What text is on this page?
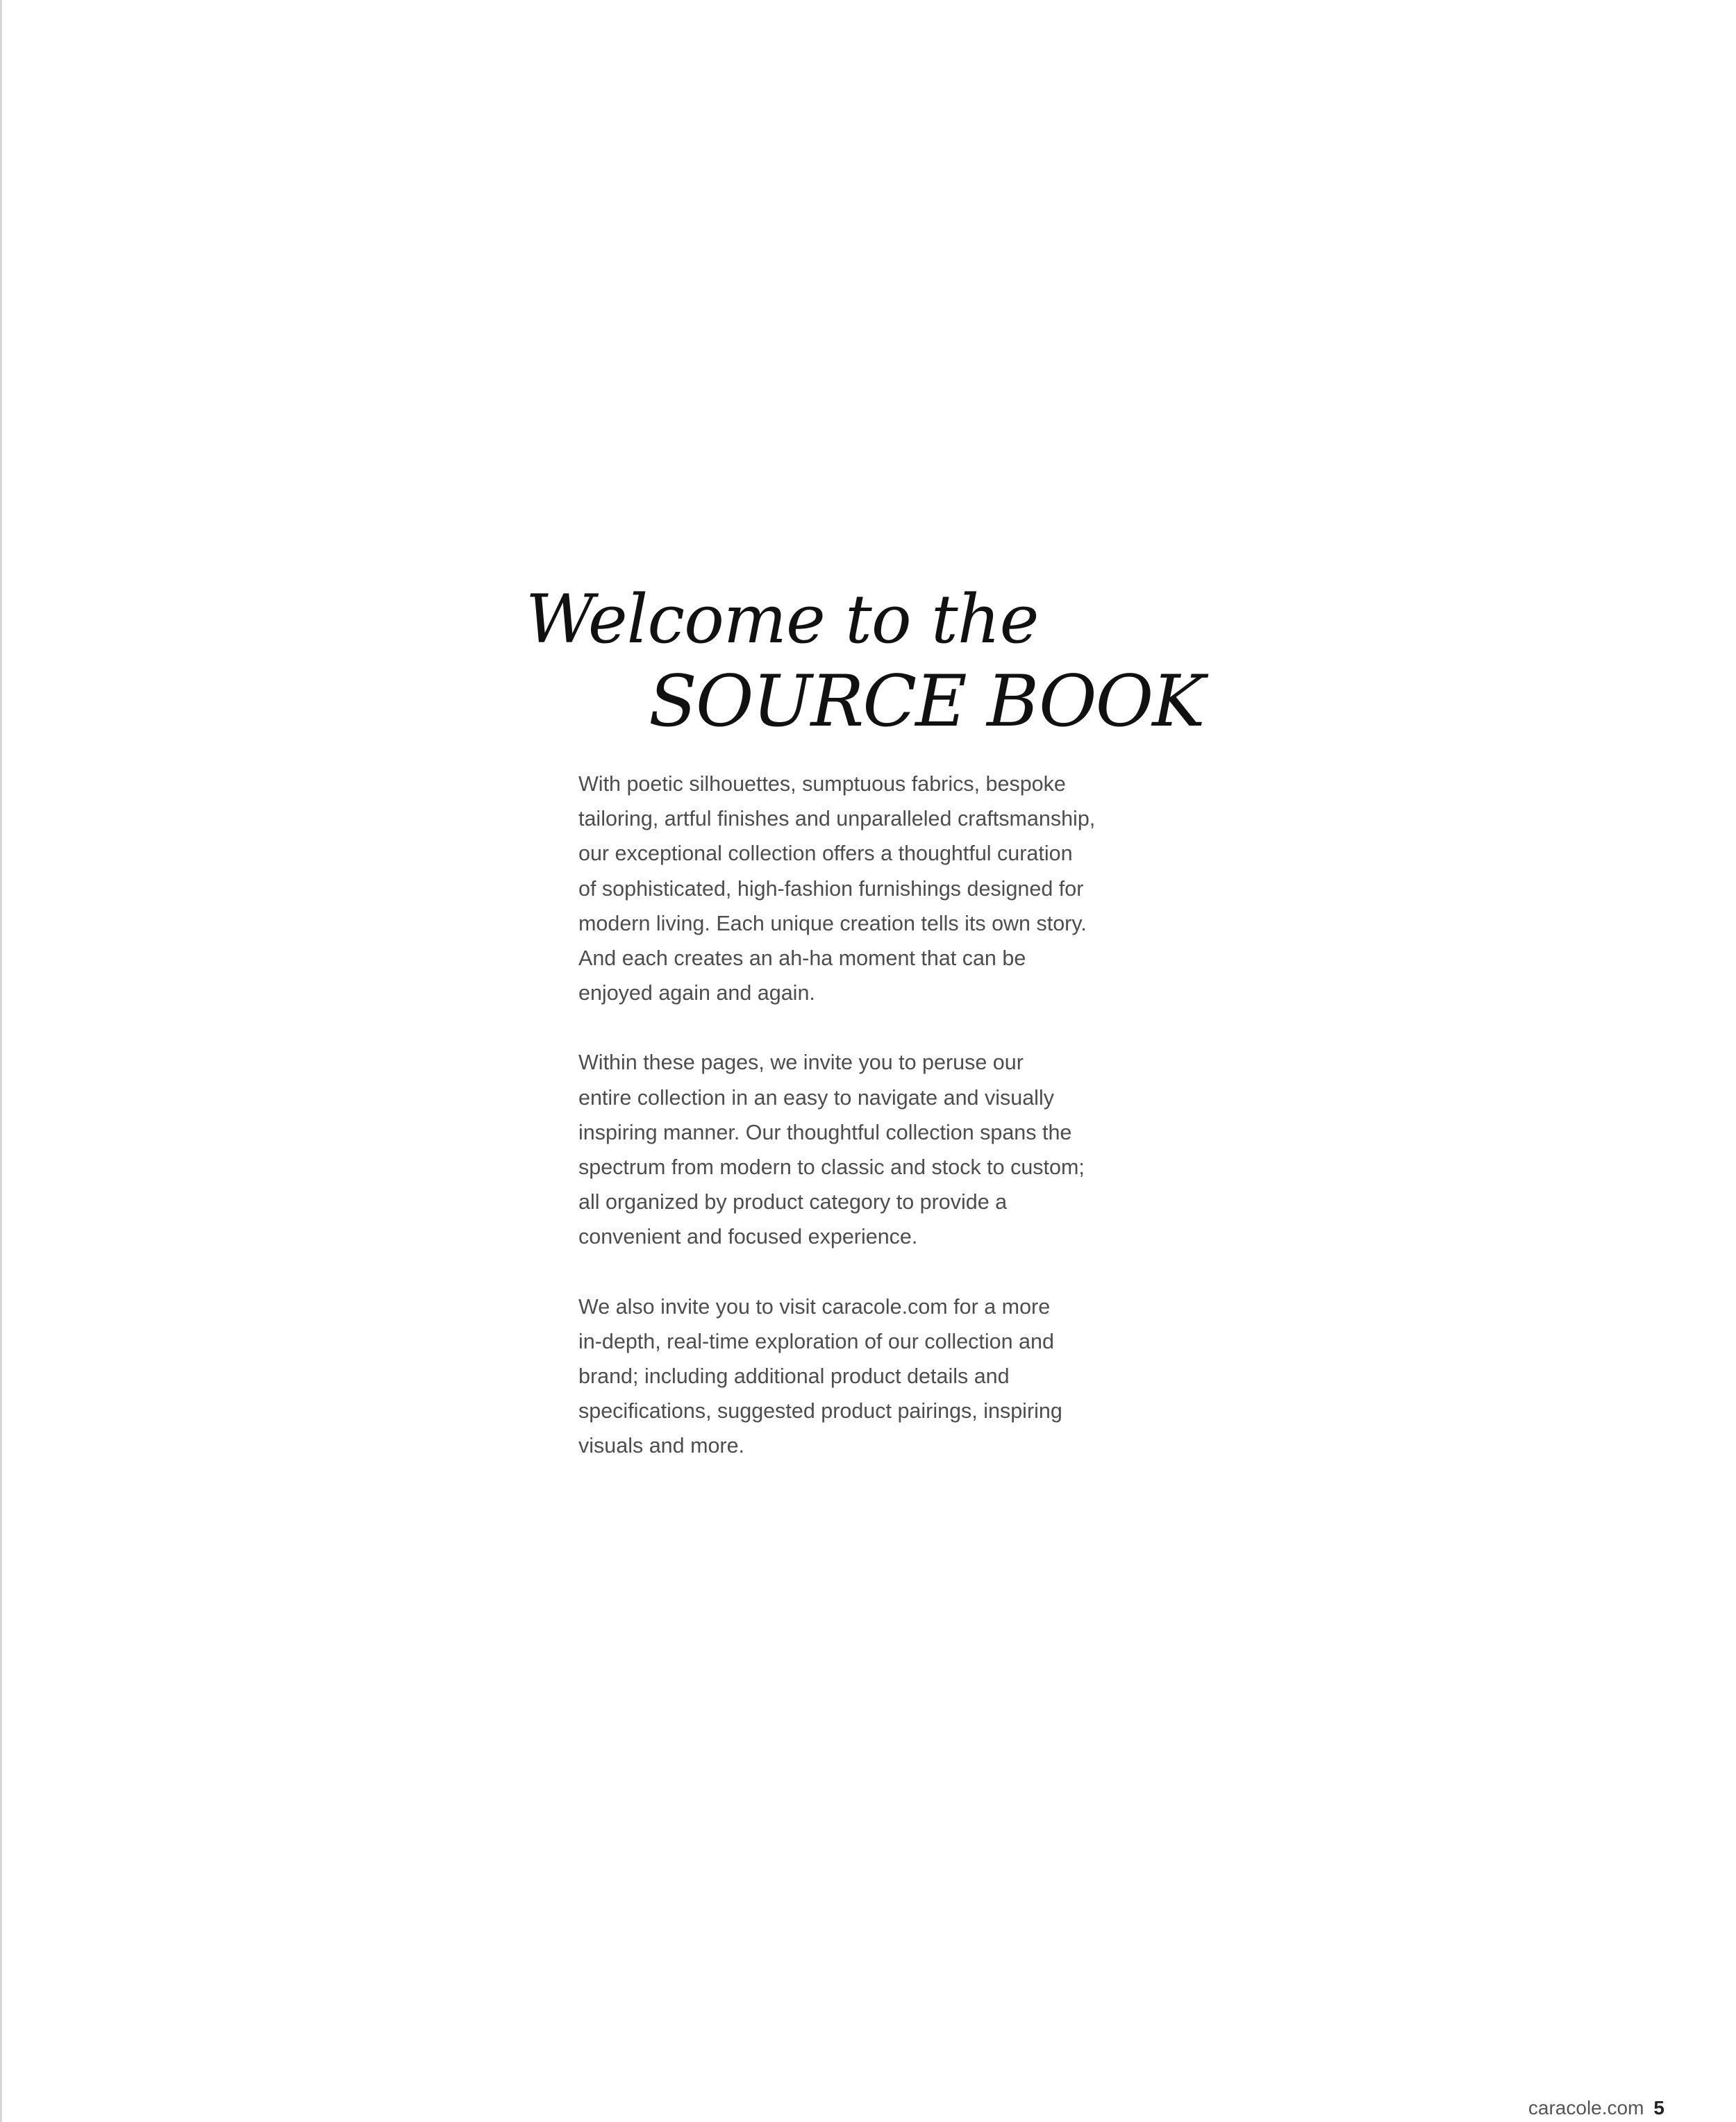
Welcome to the
SOURCE BOOK

With poetic silhouettes, sumptuous fabrics, bespoke
tailoring, artful finishes and unparalleled craftsmanship,
our exceptional collection offers a thoughtful curation
of sophisticated, high-fashion furnishings designed for
modern living. Each unique creation tells its own story.
And each creates an ah-ha moment that can be
enjoyed again and again.

Within these pages, we invite you to peruse our
entire collection in an easy to navigate and visually
inspiring manner. Our thoughtful collection spans the
spectrum from modern to classic and stock to custom;
all organized by product category to provide a
convenient and focused experience.

We also invite you to visit caracole.com for a more
in-depth, real-time exploration of our collection and
brand; including additional product details and
specifications, suggested product pairings, inspiring
visuals and more.

caracole.com 5
